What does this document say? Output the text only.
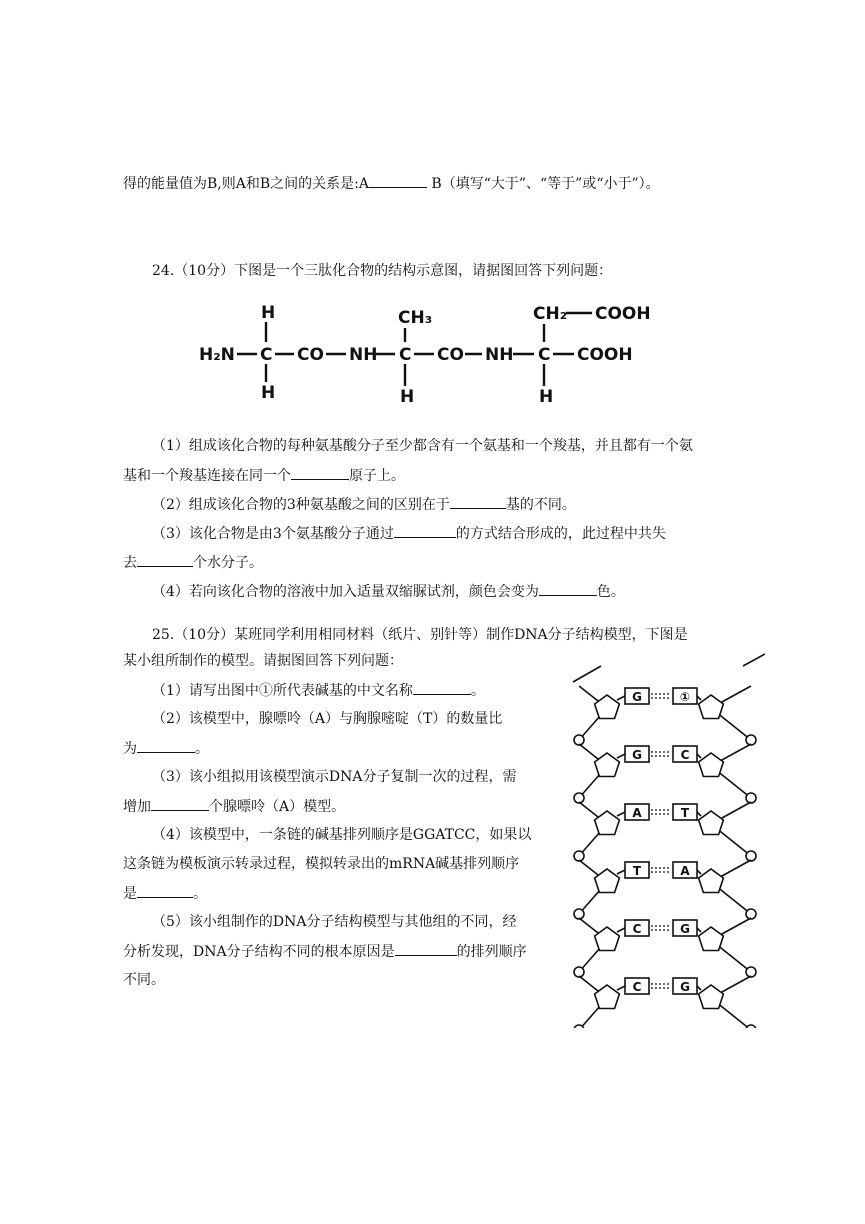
得的能量值为B,则A和B之间的关系是:A	B（填写“大于”、“等于”或“小于”）。
24.（10分）下图是一个三肽化合物的结构示意图，请据图回答下列问题：
H₂N
H
C
H
CO NH
CH₃
C
H
CO NH
CH₂ COOH
C COOH
H
（1）组成该化合物的每种氨基酸分子至少都含有一个氨基和一个羧基，并且都有一个氨
基和一个羧基连接在同一个	原子上。
（2）组成该化合物的3种氨基酸之间的区别在于	基的不同。
（3）该化合物是由3个氨基酸分子通过	的方式结合形成的，此过程中共失
去	个水分子。
（4）若向该化合物的溶液中加入适量双缩脲试剂，颜色会变为	色。
25.（10分）某班同学利用相同材料（纸片、别针等）制作DNA分子结构模型，下图是
某小组所制作的模型。请据图回答下列问题：
（1）请写出图中①所代表碱基的中文名称	。
（2）该模型中，腺嘌呤（A）与胸腺嘧啶（T）的数量比
为	。
（3）该小组拟用该模型演示DNA分子复制一次的过程，需
增加	个腺嘌呤（A）模型。
（4）该模型中，一条链的碱基排列顺序是GGATCC，如果以
这条链为模板演示转录过程，模拟转录出的mRNA碱基排列顺序
是	。
（5）该小组制作的DNA分子结构模型与其他组的不同，经
分析发现，DNA分子结构不同的根本原因是	的排列顺序
不同。
G	①
G	C
A	T
T	A
C	G
C	G
